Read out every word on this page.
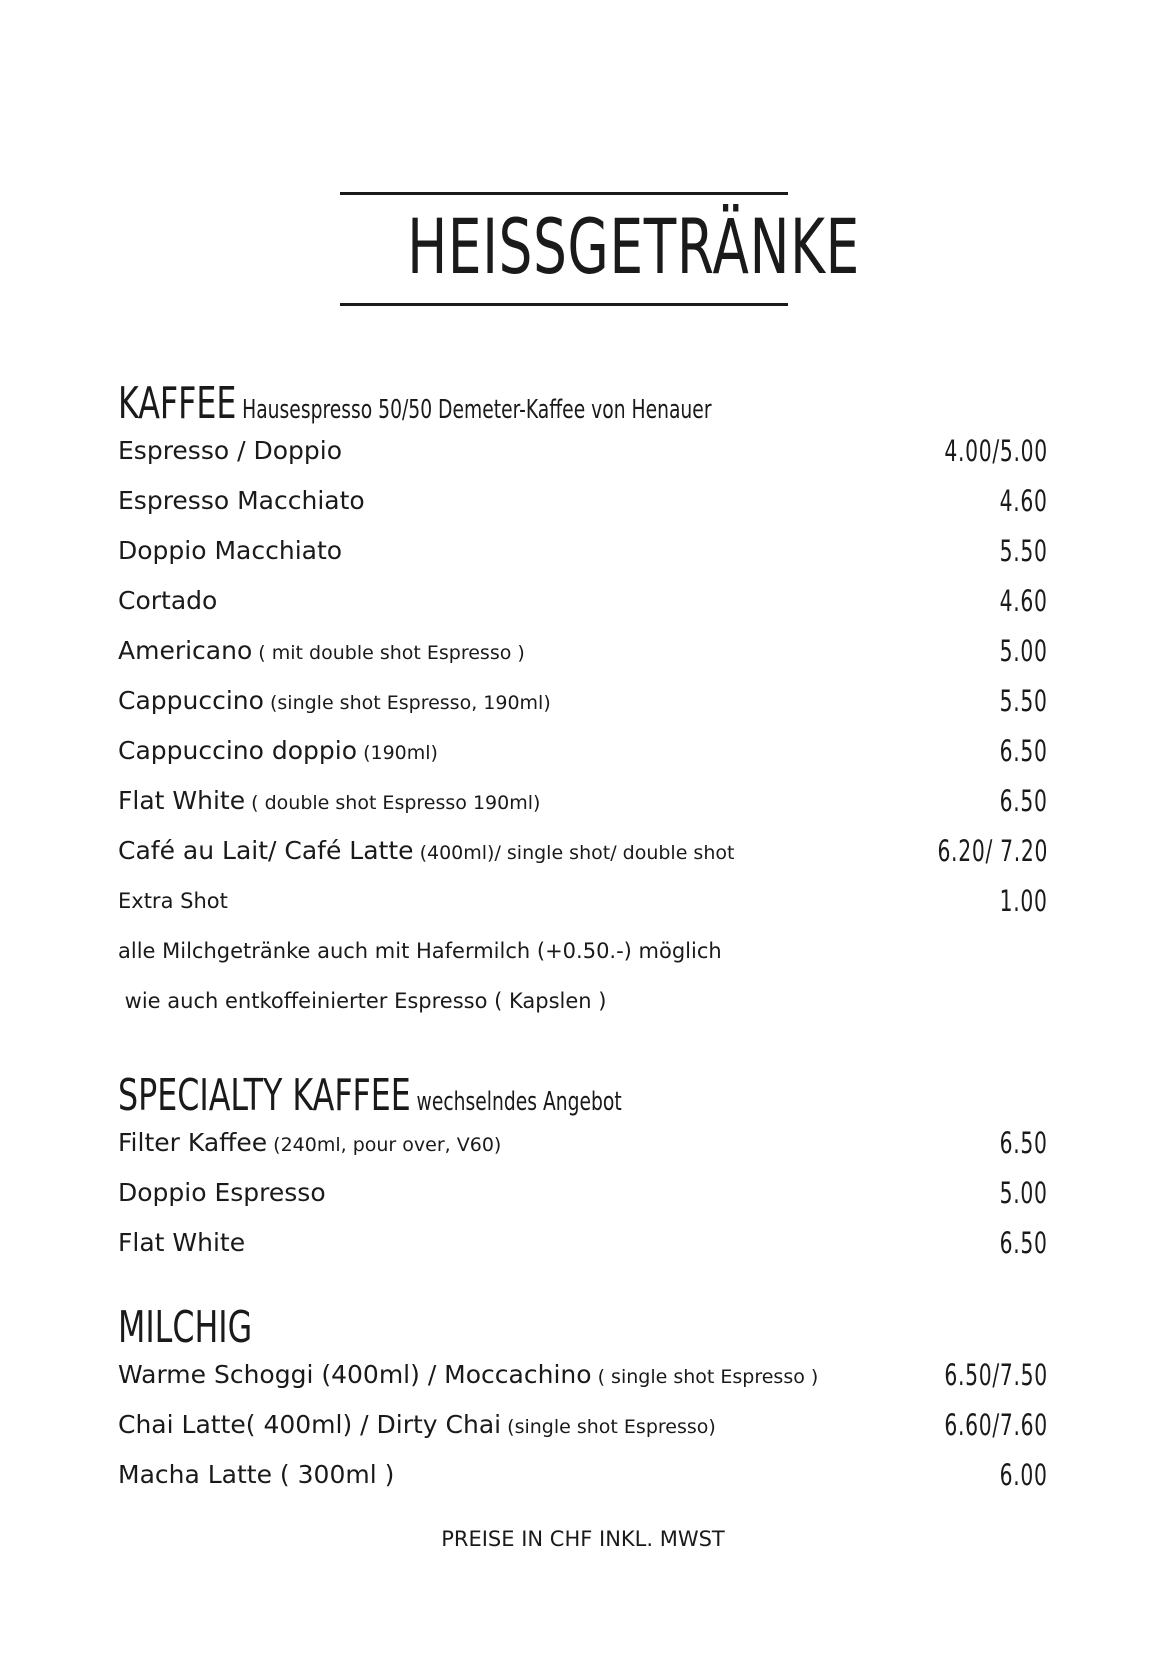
HEISSGETRÄNKE
KAFFEE Hausespresso 50/50 Demeter-Kaffee von Henauer
Espresso / Doppio	4.00/5.00
Espresso Macchiato	4.60
Doppio Macchiato	5.50
Cortado	4.60
Americano ( mit double shot Espresso )	5.00
Cappuccino (single shot Espresso, 190ml)	5.50
Cappuccino doppio (190ml)	6.50
Flat White ( double shot Espresso 190ml)	6.50
Café au Lait/ Café Latte (400ml)/ single shot/ double shot	6.20/ 7.20
Extra Shot	1.00
alle Milchgetränke auch mit Hafermilch (+0.50.-) möglich
wie auch entkoffeinierter Espresso ( Kapslen )
SPECIALTY KAFFEE wechselndes Angebot
Filter Kaffee (240ml, pour over, V60)	6.50
Doppio Espresso	5.00
Flat White	6.50
MILCHIG
Warme Schoggi (400ml) / Moccachino ( single shot Espresso )	6.50/7.50
Chai Latte( 400ml) / Dirty Chai (single shot Espresso)	6.60/7.60
Macha Latte ( 300ml )	6.00
PREISE IN CHF INKL. MWST
